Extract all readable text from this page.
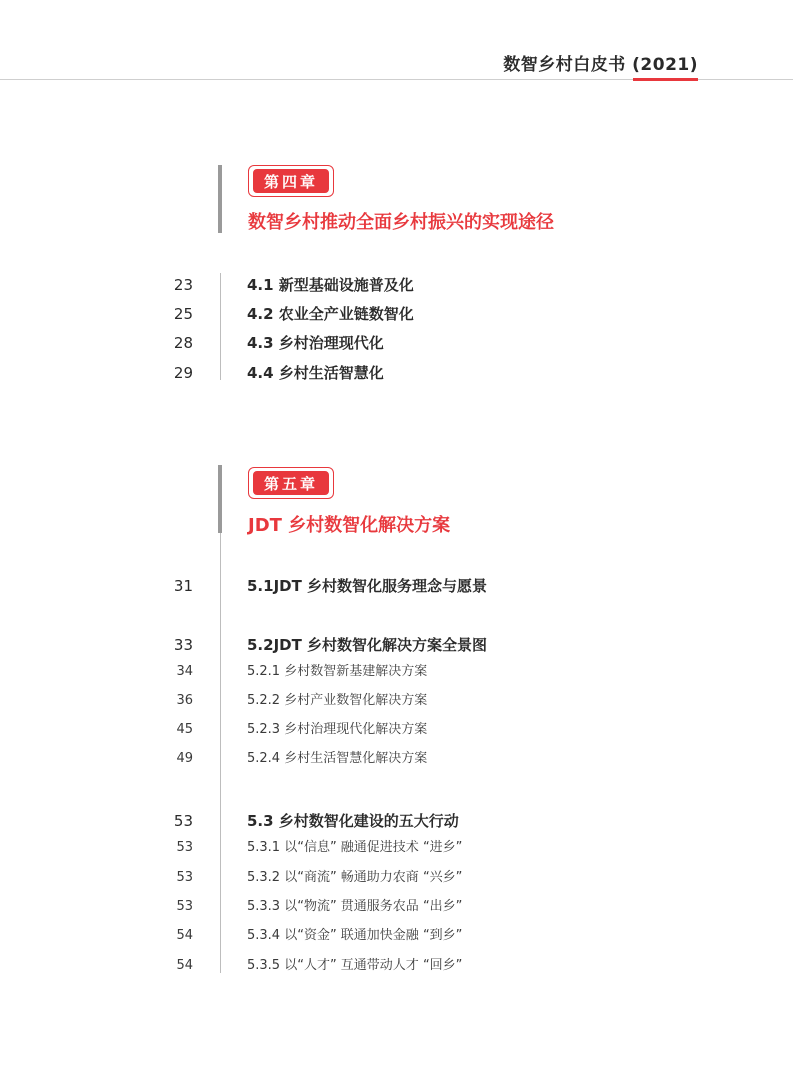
数智乡村白皮书 (2021)
第四章
数智乡村推动全面乡村振兴的实现途径
23	4.1 新型基础设施普及化
25	4.2 农业全产业链数智化
28	4.3 乡村治理现代化
29	4.4 乡村生活智慧化
第五章
JDT 乡村数智化解决方案
31	5.1JDT 乡村数智化服务理念与愿景
33	5.2JDT 乡村数智化解决方案全景图
34	5.2.1 乡村数智新基建解决方案
36	5.2.2 乡村产业数智化解决方案
45	5.2.3 乡村治理现代化解决方案
49	5.2.4 乡村生活智慧化解决方案
53	5.3 乡村数智化建设的五大行动
53	5.3.1 以“信息” 融通促进技术 “进乡”
53	5.3.2 以“商流” 畅通助力农商 “兴乡”
53	5.3.3 以“物流” 贯通服务农品 “出乡”
54	5.3.4 以“资金” 联通加快金融 “到乡”
54	5.3.5 以“人才” 互通带动人才 “回乡”
